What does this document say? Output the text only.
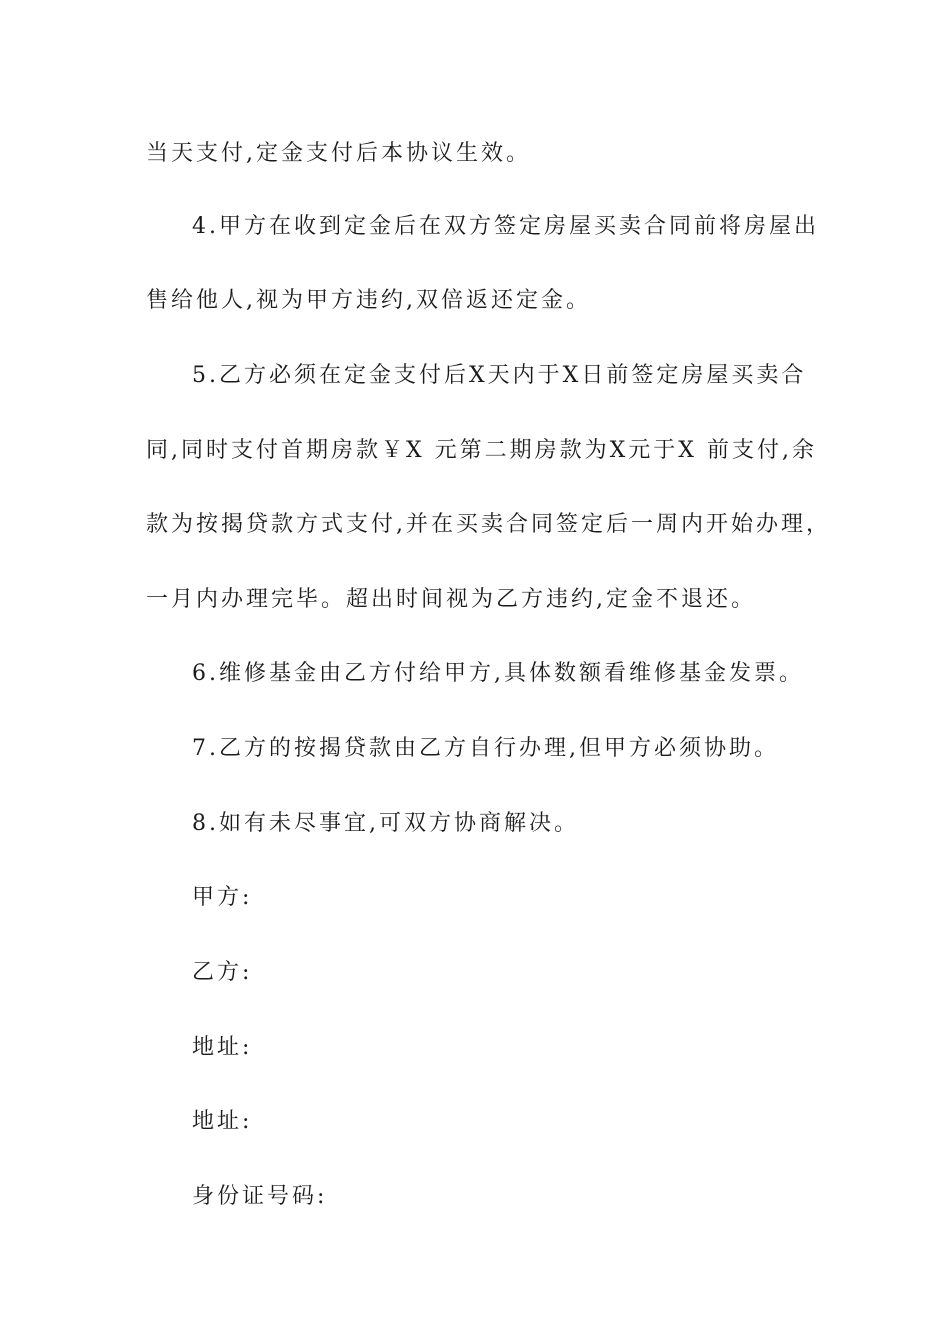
当天支付,定金支付后本协议生效。
4.甲方在收到定金后在双方签定房屋买卖合同前将房屋出
售给他人,视为甲方违约,双倍返还定金。
5.乙方必须在定金支付后X天内于X日前签定房屋买卖合
同,同时支付首期房款￥X 元第二期房款为X元于X 前支付,余
款为按揭贷款方式支付,并在买卖合同签定后一周内开始办理，
一月内办理完毕。超出时间视为乙方违约,定金不退还。
6.维修基金由乙方付给甲方,具体数额看维修基金发票。
7.乙方的按揭贷款由乙方自行办理,但甲方必须协助。
8.如有未尽事宜,可双方协商解决。
甲方:
乙方:
地址:
地址:
身份证号码:
